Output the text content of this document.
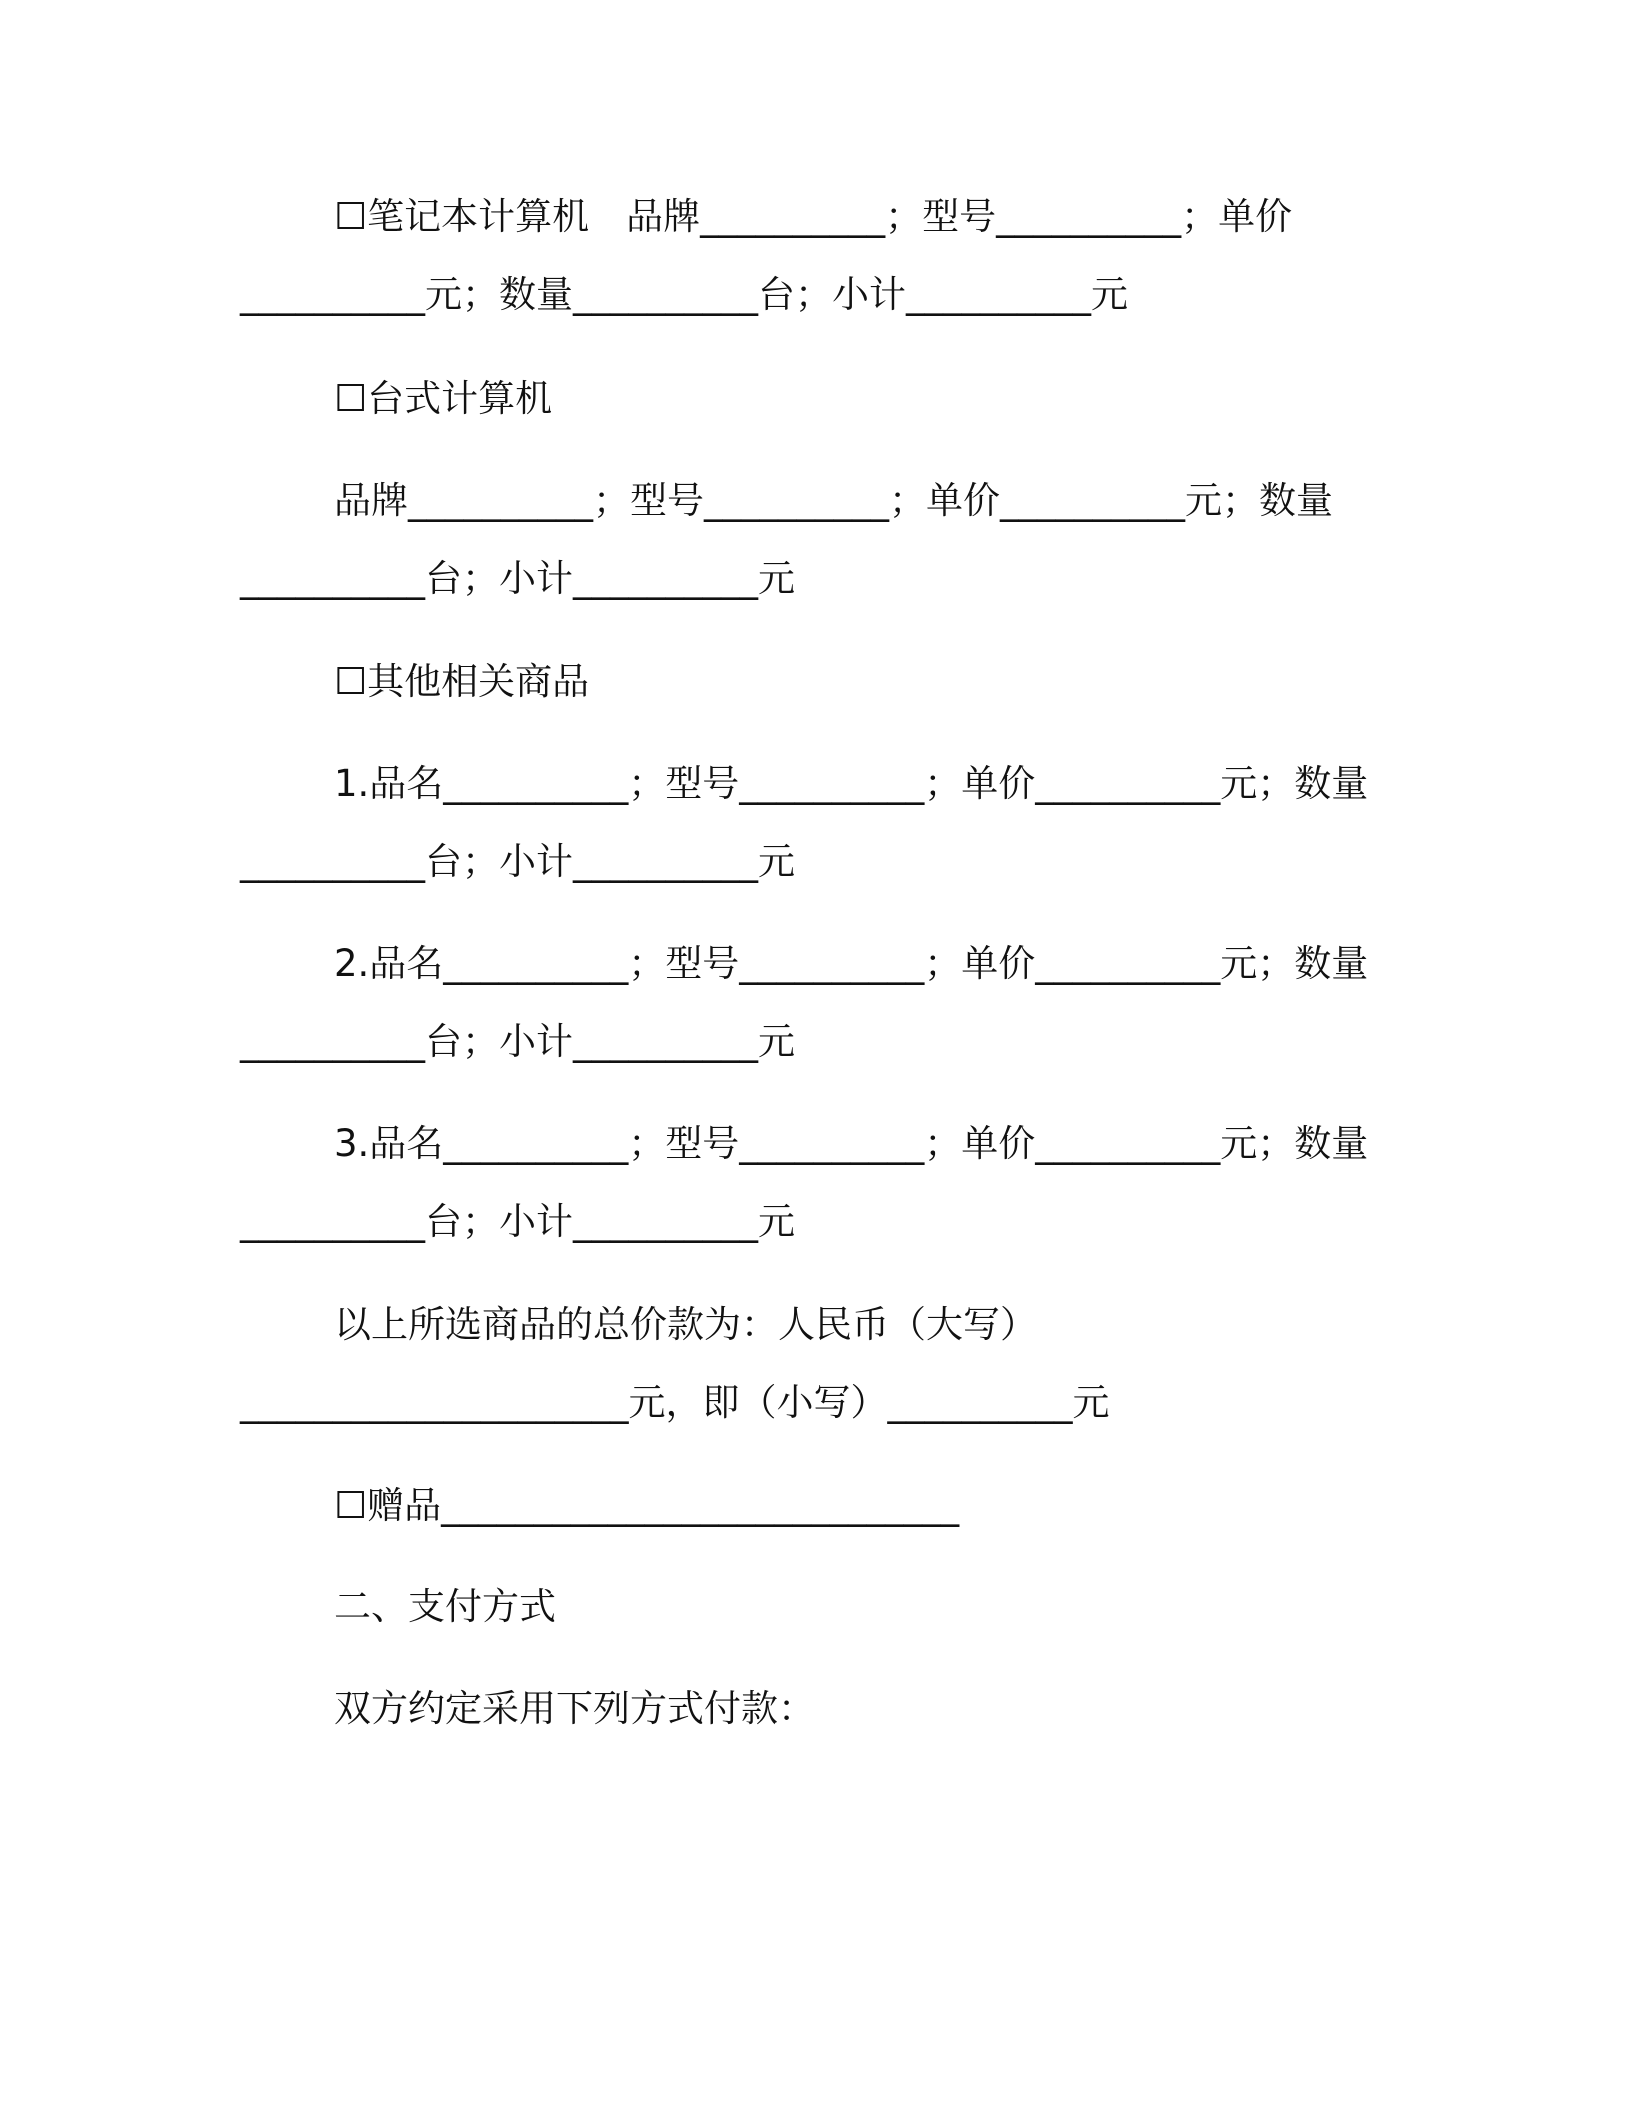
☐笔记本计算机　品牌__________；型号__________；单价
__________元；数量__________台；小计__________元
☐台式计算机
品牌__________；型号__________；单价__________元；数量
__________台；小计__________元
☐其他相关商品
1.品名__________；型号__________；单价__________元；数量
__________台；小计__________元
2.品名__________；型号__________；单价__________元；数量
__________台；小计__________元
3.品名__________；型号__________；单价__________元；数量
__________台；小计__________元
以上所选商品的总价款为：人民币（大写）
_____________________元，即（小写）__________元
☐赠品____________________________
二、支付方式
双方约定采用下列方式付款：
